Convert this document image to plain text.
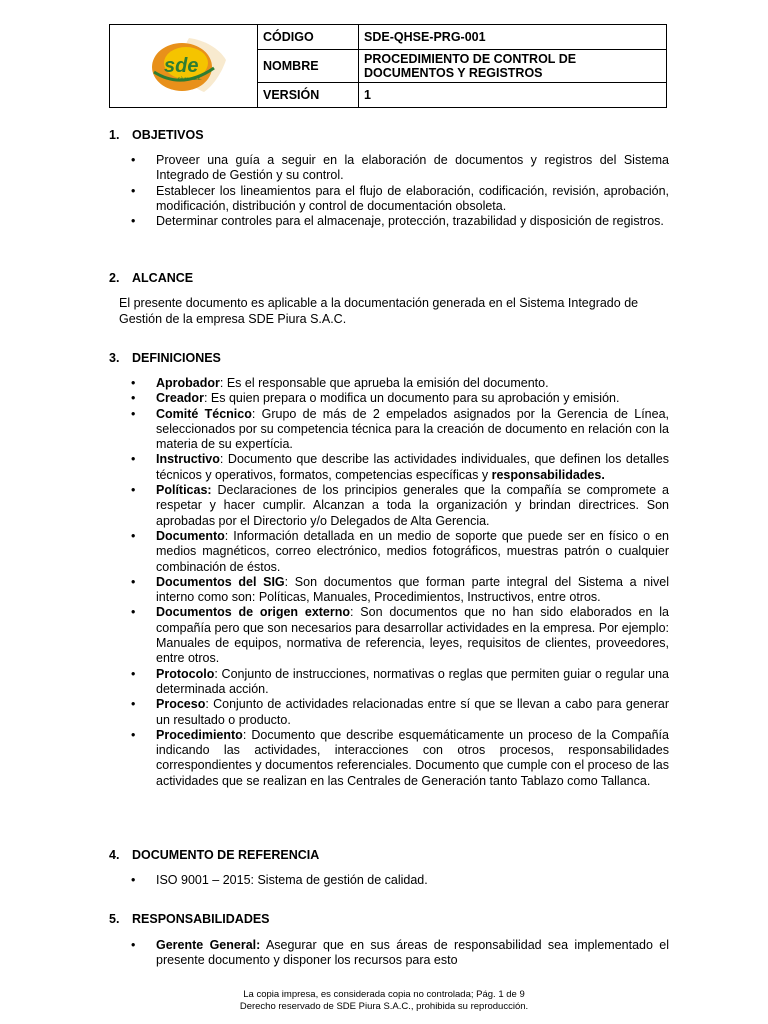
sde
piura s.a.c.	CÓDIGO	SDE-QHSE-PRG-001
	NOMBRE	PROCEDIMIENTO DE CONTROL DE DOCUMENTOS Y REGISTROS
	VERSIÓN	1
1.	OBJETIVOS
• Proveer una guía a seguir en la elaboración de documentos y registros del Sistema Integrado de Gestión y su control.
• Establecer los lineamientos para el flujo de elaboración, codificación, revisión, aprobación, modificación, distribución y control de documentación obsoleta.
• Determinar controles para el almacenaje, protección, trazabilidad y disposición de registros.
2.	ALCANCE
El presente documento es aplicable a la documentación generada en el Sistema Integrado de Gestión de la empresa SDE Piura S.A.C.
3.	DEFINICIONES
• Aprobador: Es el responsable que aprueba la emisión del documento.
• Creador: Es quien prepara o modifica un documento para su aprobación y emisión.
• Comité Técnico: Grupo de más de 2 empelados asignados por la Gerencia de Línea, seleccionados por su competencia técnica para la creación de documento en relación con la materia de su expertícia.
• Instructivo: Documento que describe las actividades individuales, que definen los detalles técnicos y operativos, formatos, competencias específicas y responsabilidades.
• Políticas: Declaraciones de los principios generales que la compañía se compromete a respetar y hacer cumplir. Alcanzan a toda la organización y brindan directrices. Son aprobadas por el Directorio y/o Delegados de Alta Gerencia.
• Documento: Información detallada en un medio de soporte que puede ser en físico o en medios magnéticos, correo electrónico, medios fotográficos, muestras patrón o cualquier combinación de éstos.
• Documentos del SIG: Son documentos que forman parte integral del Sistema a nivel interno como son: Políticas, Manuales, Procedimientos, Instructivos, entre otros.
• Documentos de origen externo: Son documentos que no han sido elaborados en la compañía pero que son necesarios para desarrollar actividades en la empresa. Por ejemplo: Manuales de equipos, normativa de referencia, leyes, requisitos de clientes, proveedores, entre otros.
• Protocolo: Conjunto de instrucciones, normativas o reglas que permiten guiar o regular una determinada acción.
• Proceso: Conjunto de actividades relacionadas entre sí que se llevan a cabo para generar un resultado o producto.
• Procedimiento: Documento que describe esquemáticamente un proceso de la Compañía indicando las actividades, interacciones con otros procesos, responsabilidades correspondientes y documentos referenciales. Documento que cumple con el proceso de las actividades que se realizan en las Centrales de Generación tanto Tablazo como Tallanca.
4.	DOCUMENTO DE REFERENCIA
• ISO 9001 – 2015: Sistema de gestión de calidad.
5.	RESPONSABILIDADES
• Gerente General: Asegurar que en sus áreas de responsabilidad sea implementado el presente documento y disponer los recursos para esto
La copia impresa, es considerada copia no controlada; Pág. 1 de 9
Derecho reservado de SDE Piura S.A.C., prohibida su reproducción.
